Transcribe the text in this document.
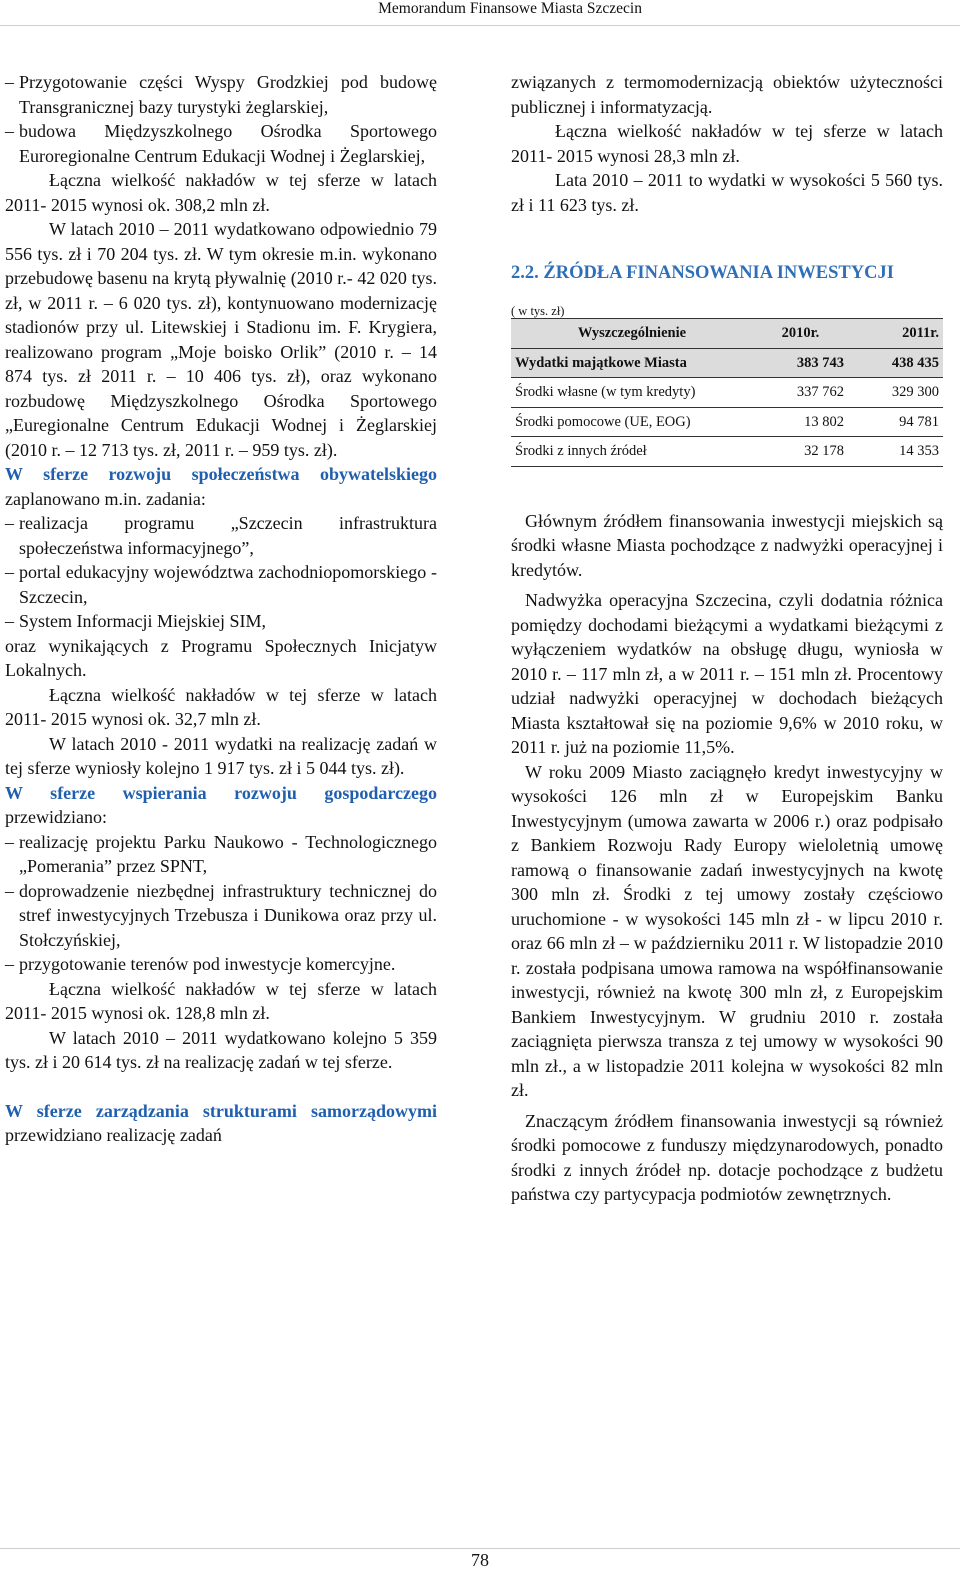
Memorandum Finansowe Miasta Szczecin

– Przygotowanie części Wyspy Grodzkiej pod budowę Transgranicznej bazy turystyki żeglarskiej,

– budowa Międzyszkolnego Ośrodka Sportowego Euroregionalne Centrum Edukacji Wodnej i Żeglarskiej,

Łączna wielkość nakładów w tej sferze w latach 2011- 2015 wynosi ok. 308,2 mln zł.

W latach 2010 – 2011 wydatkowano odpowiednio 79 556 tys. zł i 70 204 tys. zł. W tym okresie m.in. wykonano przebudowę basenu na krytą pływalnię (2010 r.- 42 020 tys. zł, w 2011 r. – 6 020 tys. zł), kontynuowano modernizację stadionów przy ul. Litewskiej i Stadionu im. F. Krygiera, realizowano program „Moje boisko Orlik” (2010 r. – 14 874 tys. zł 2011 r. – 10 406 tys. zł), oraz wykonano rozbudowę Międzyszkolnego Ośrodka Sportowego „Euregionalne Centrum Edukacji Wodnej i Żeglarskiej (2010 r. – 12 713 tys. zł, 2011 r. – 959 tys. zł).

W sferze rozwoju społeczeństwa obywatelskiego zaplanowano m.in. zadania:

– realizacja programu „Szczecin infrastruktura społeczeństwa informacyjnego”,

– portal edukacyjny województwa zachodniopomorskiego - Szczecin,

– System Informacji Miejskiej SIM,

oraz wynikających z Programu Społecznych Inicjatyw Lokalnych.

Łączna wielkość nakładów w tej sferze w latach 2011- 2015 wynosi ok. 32,7 mln zł.

W latach 2010 - 2011 wydatki na realizację zadań w tej sferze wyniosły kolejno 1 917 tys. zł i 5 044 tys. zł).

W sferze wspierania rozwoju gospodarczego przewidziano:

– realizację projektu Parku Naukowo - Technologicznego „Pomerania” przez SPNT,

– doprowadzenie niezbędnej infrastruktury technicznej do stref inwestycyjnych Trzebusza i Dunikowa oraz przy ul. Stołczyńskiej,

– przygotowanie terenów pod inwestycje komercyjne.

Łączna wielkość nakładów w tej sferze w latach 2011- 2015 wynosi ok. 128,8 mln zł.

W latach 2010 – 2011 wydatkowano kolejno 5 359 tys. zł i 20 614 tys. zł na realizację zadań w tej sferze.

W sferze zarządzania strukturami samorządowymi przewidziano realizację zadań

związanych z termomodernizacją obiektów użyteczności publicznej i informatyzacją.

Łączna wielkość nakładów w tej sferze w latach 2011- 2015 wynosi 28,3 mln zł.

Lata 2010 – 2011 to wydatki w wysokości 5 560 tys. zł i 11 623 tys. zł.

2.2. ŹRÓDŁA FINANSOWANIA INWESTYCJI

( w tys. zł)

Wyszczególnienie	2010r.	2011r.
Wydatki majątkowe Miasta	383 743	438 435
Środki własne (w tym kredyty)	337 762	329 300
Środki pomocowe (UE, EOG)	13 802	94 781
Środki z innych źródeł	32 178	14 353

Głównym źródłem finansowania inwestycji miejskich są środki własne Miasta pochodzące z nadwyżki operacyjnej i kredytów.

Nadwyżka operacyjna Szczecina, czyli dodatnia różnica pomiędzy dochodami bieżącymi a wydatkami bieżącymi z wyłączeniem wydatków na obsługę długu, wyniosła w 2010 r. – 117 mln zł, a w 2011 r. – 151 mln zł. Procentowy udział nadwyżki operacyjnej w dochodach bieżących Miasta kształtował się na poziomie 9,6% w 2010 roku, w 2011 r. już na poziomie 11,5%.

W roku 2009 Miasto zaciągnęło kredyt inwestycyjny w wysokości 126 mln zł w Europejskim Banku Inwestycyjnym (umowa zawarta w 2006 r.) oraz podpisało z Bankiem Rozwoju Rady Europy wieloletnią umowę ramową o finansowanie zadań inwestycyjnych na kwotę 300 mln zł. Środki z tej umowy zostały częściowo uruchomione - w wysokości 145 mln zł - w lipcu 2010 r. oraz 66 mln zł – w październiku 2011 r. W listopadzie 2010 r. została podpisana umowa ramowa na współfinansowanie inwestycji, również na kwotę 300 mln zł, z Europejskim Bankiem Inwestycyjnym. W grudniu 2010 r. została zaciągnięta pierwsza transza z tej umowy w wysokości 90 mln zł., a w listopadzie 2011 kolejna w wysokości 82 mln zł.

Znaczącym źródłem finansowania inwestycji są również środki pomocowe z funduszy międzynarodowych, ponadto środki z innych źródeł np. dotacje pochodzące z budżetu państwa czy partycypacja podmiotów zewnętrznych.

78
